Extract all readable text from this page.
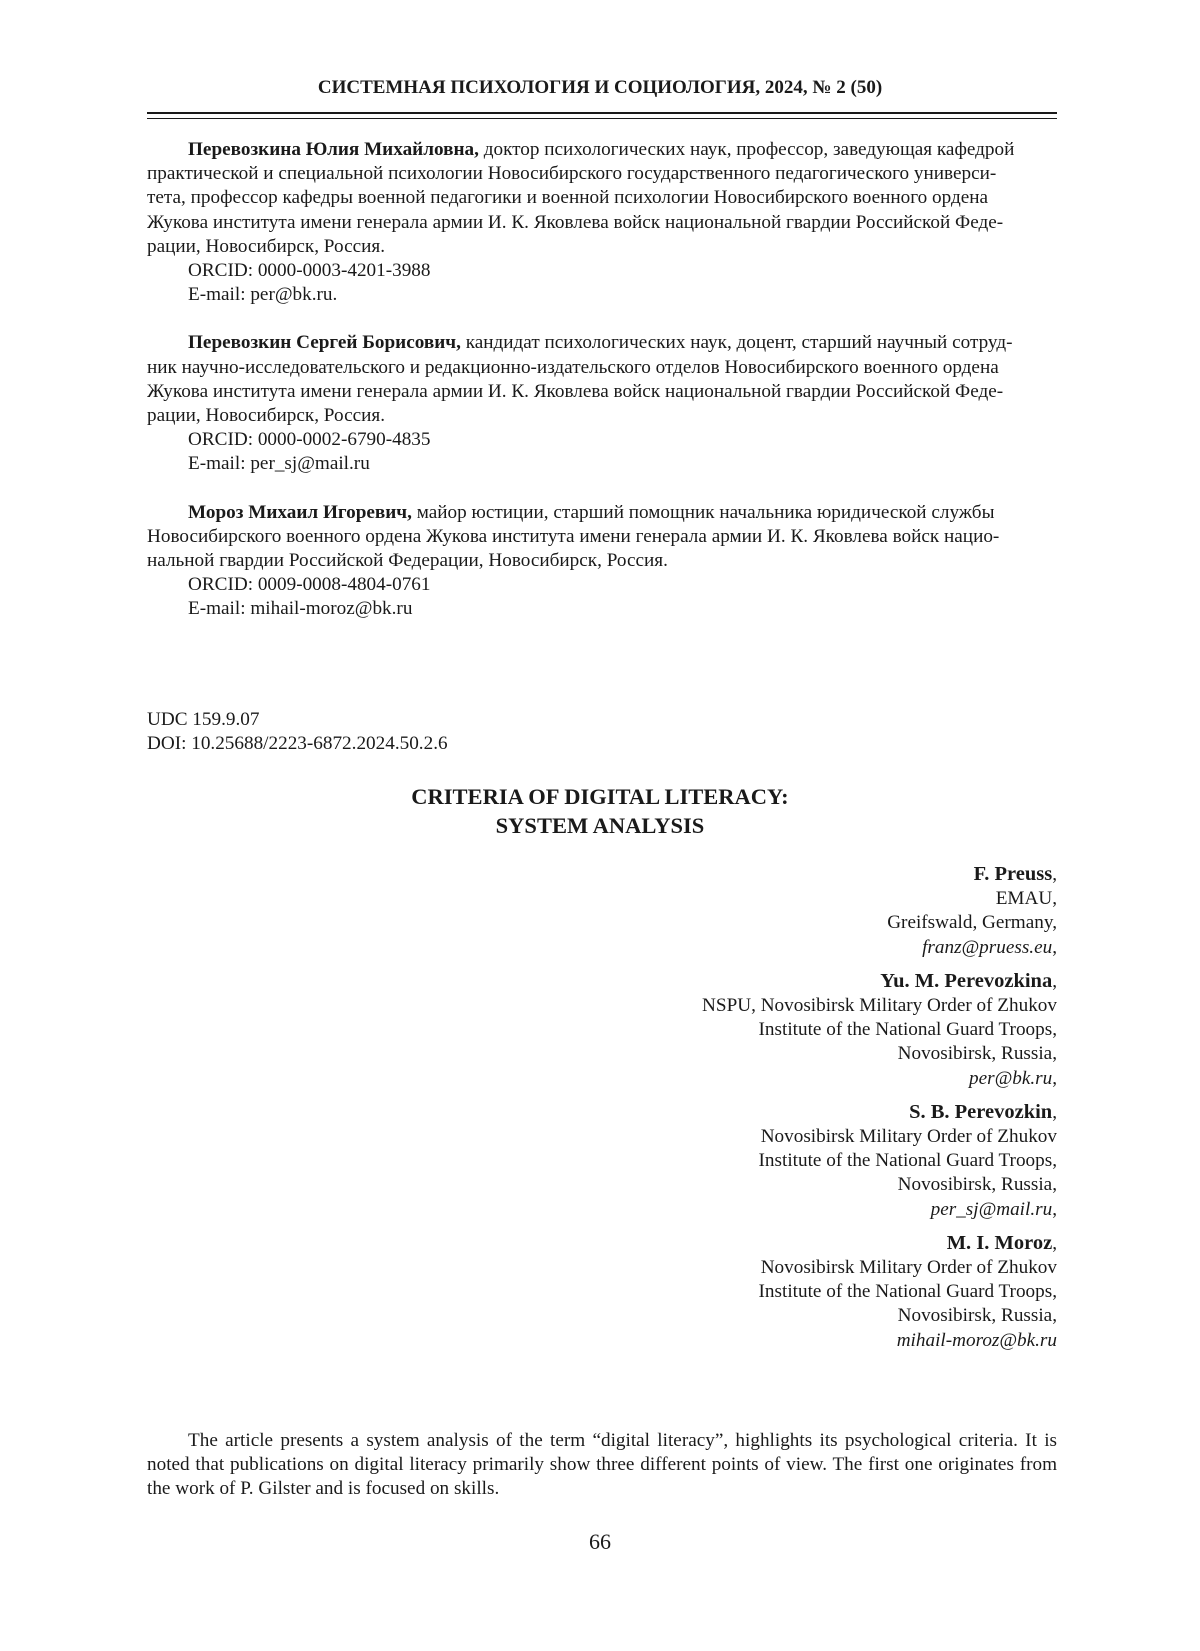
СИСТЕМНАЯ ПСИХОЛОГИЯ И СОЦИОЛОГИЯ, 2024, № 2 (50)

Перевозкина Юлия Михайловна, доктор психологических наук, профессор, заведующая кафедрой

практической и специальной психологии Новосибирского государственного педагогического универси-

тета, профессор кафедры военной педагогики и военной психологии Новосибирского военного ордена

Жукова института имени генерала армии И. К. Яковлева войск национальной гвардии Российской Феде-

рации, Новосибирск, Россия.

ORCID: 0000-0003-4201-3988

E-mail: per@bk.ru.

Перевозкин Сергей Борисович, кандидат психологических наук, доцент, старший научный сотруд-

ник научно-исследовательского и редакционно-издательского отделов Новосибирского военного ордена

Жукова института имени генерала армии И. К. Яковлева войск национальной гвардии Российской Феде-

рации, Новосибирск, Россия.

ORCID: 0000-0002-6790-4835

E-mail: per_sj@mail.ru

Мороз Михаил Игоревич, майор юстиции, старший помощник начальника юридической службы

Новосибирского военного ордена Жукова института имени генерала армии И. К. Яковлева войск нацио-

нальной гвардии Российской Федерации, Новосибирск, Россия.

ORCID: 0009-0008-4804-0761

E-mail: mihail-moroz@bk.ru

UDC 159.9.07

DOI: 10.25688/2223-6872.2024.50.2.6

CRITERIA OF DIGITAL LITERACY:
SYSTEM ANALYSIS
F. Preuss,

EMAU,

Greifswald, Germany,

franz@pruess.eu,

Yu. M. Perevozkina,

NSPU, Novosibirsk Military Order of Zhukov

Institute of the National Guard Troops,

Novosibirsk, Russia,

per@bk.ru,

S. B. Perevozkin,

Novosibirsk Military Order of Zhukov

Institute of the National Guard Troops,

Novosibirsk, Russia,

per_sj@mail.ru,

M. I. Moroz,

Novosibirsk Military Order of Zhukov

Institute of the National Guard Troops,

Novosibirsk, Russia,

mihail-moroz@bk.ru

The article presents a system analysis of the term “digital literacy”, highlights its psychological criteria. It is noted that publications on digital literacy primarily show three different points of view. The first one originates from the work of P. Gilster and is focused on skills.

66
